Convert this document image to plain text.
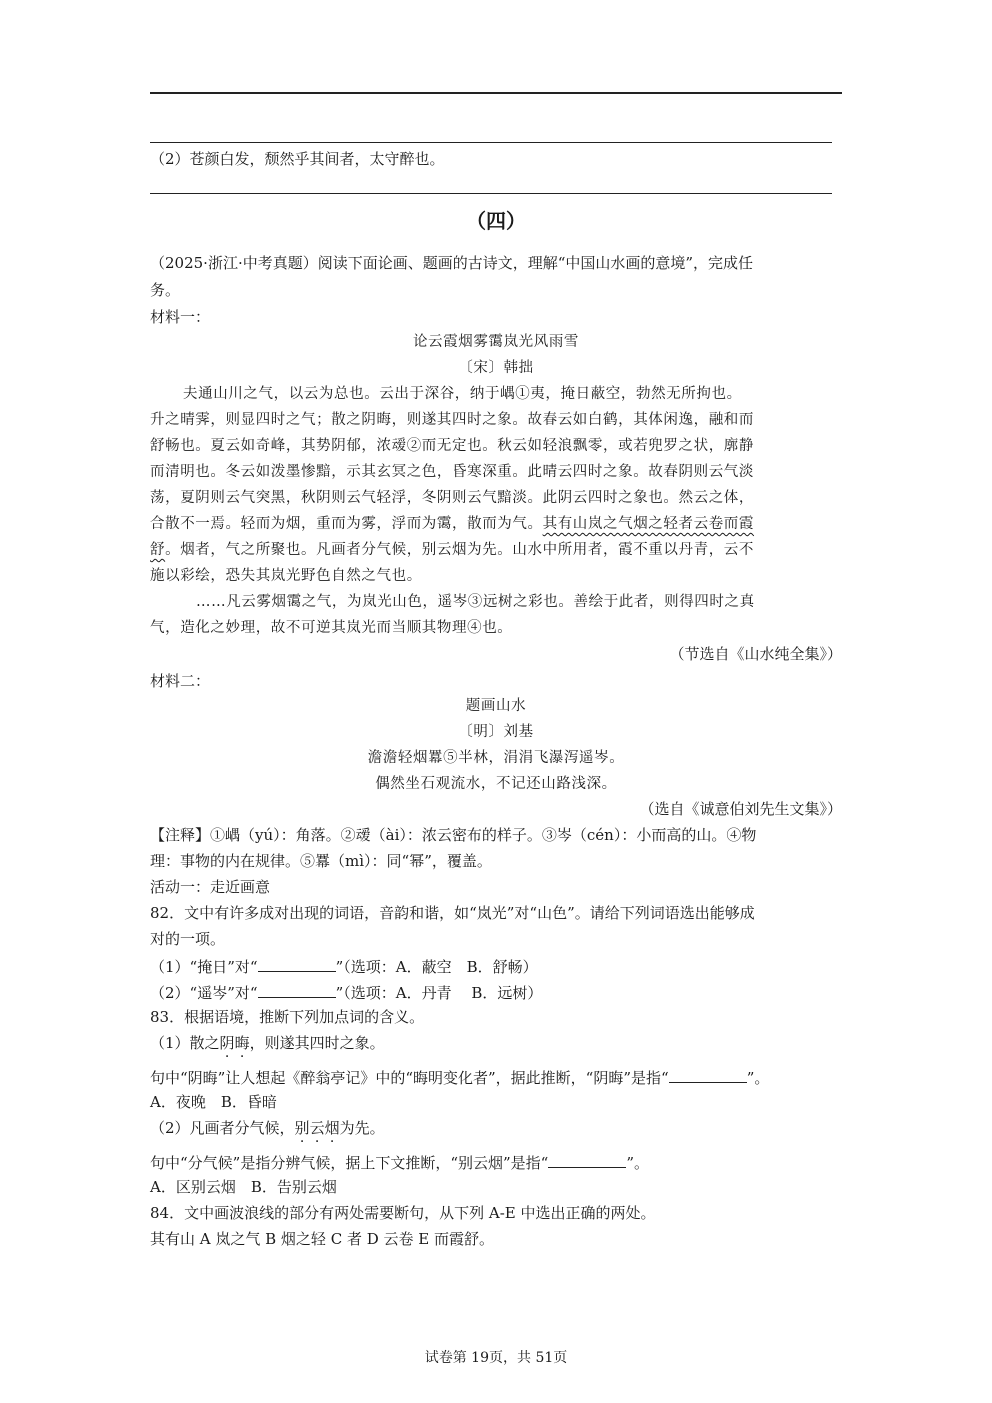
（2）苍颜白发，颓然乎其间者，太守醉也。
（四）
（2025·浙江·中考真题）阅读下面论画、题画的古诗文，理解“中国山水画的意境”，完成任
务。
材料一：
论云霞烟雾霭岚光风雨雪
〔宋〕韩拙
夫通山川之气，以云为总也。云出于深谷，纳于嵎①夷，掩日蔽空，勃然无所拘也。
升之晴霁，则显四时之气；散之阴晦，则遂其四时之象。故春云如白鹤，其体闲逸，融和而
舒畅也。夏云如奇峰，其势阴郁，浓叆②而无定也。秋云如轻浪飘零，或若兜罗之状，廓静
而清明也。冬云如泼墨惨黯，示其玄冥之色，昏寒深重。此晴云四时之象。故春阴则云气淡
荡，夏阴则云气突黑，秋阴则云气轻浮，冬阴则云气黯淡。此阴云四时之象也。然云之体，
合散不一焉。轻而为烟，重而为雾，浮而为霭，散而为气。其有山岚之气烟之轻者云卷而霞
舒。烟者，气之所聚也。凡画者分气候，别云烟为先。山水中所用者，霞不重以丹青，云不
施以彩绘，恐失其岚光野色自然之气也。
……凡云雾烟霭之气，为岚光山色，遥岑③远树之彩也。善绘于此者，则得四时之真
气，造化之妙理，故不可逆其岚光而当顺其物理④也。
（节选自《山水纯全集》）
材料二：
题画山水
〔明〕刘基
澹澹轻烟羃⑤半林，涓涓飞瀑泻遥岑。
偶然坐石观流水，不记还山路浅深。
（选自《诚意伯刘先生文集》）
【注释】①嵎（yú）：角落。②叆（ài）：浓云密布的样子。③岑（cén）：小而高的山。④物
理：事物的内在规律。⑤羃（mì）：同“幂”，覆盖。
活动一：走近画意
82．文中有许多成对出现的词语，音韵和谐，如“岚光”对“山色”。请给下列词语选出能够成
对的一项。
（1）“掩日”对“	”（选项：A．蔽空　B．舒畅）
（2）“遥岑”对“	”（选项：A．丹青　 B．远树）
83．根据语境，推断下列加点词的含义。
（1）散之阴晦，则遂其四时之象。
句中“阴晦”让人想起《醉翁亭记》中的“晦明变化者”，据此推断，“阴晦”是指“	”。
A．夜晚　B．昏暗
（2）凡画者分气候，别云烟为先。
句中“分气候”是指分辨气候，据上下文推断，“别云烟”是指“	”。
A．区别云烟　B．告别云烟
84．文中画波浪线的部分有两处需要断句，从下列 A-E 中选出正确的两处。
其有山 A 岚之气 B 烟之轻 C 者 D 云卷 E 而霞舒。
试卷第 19页，共 51页
